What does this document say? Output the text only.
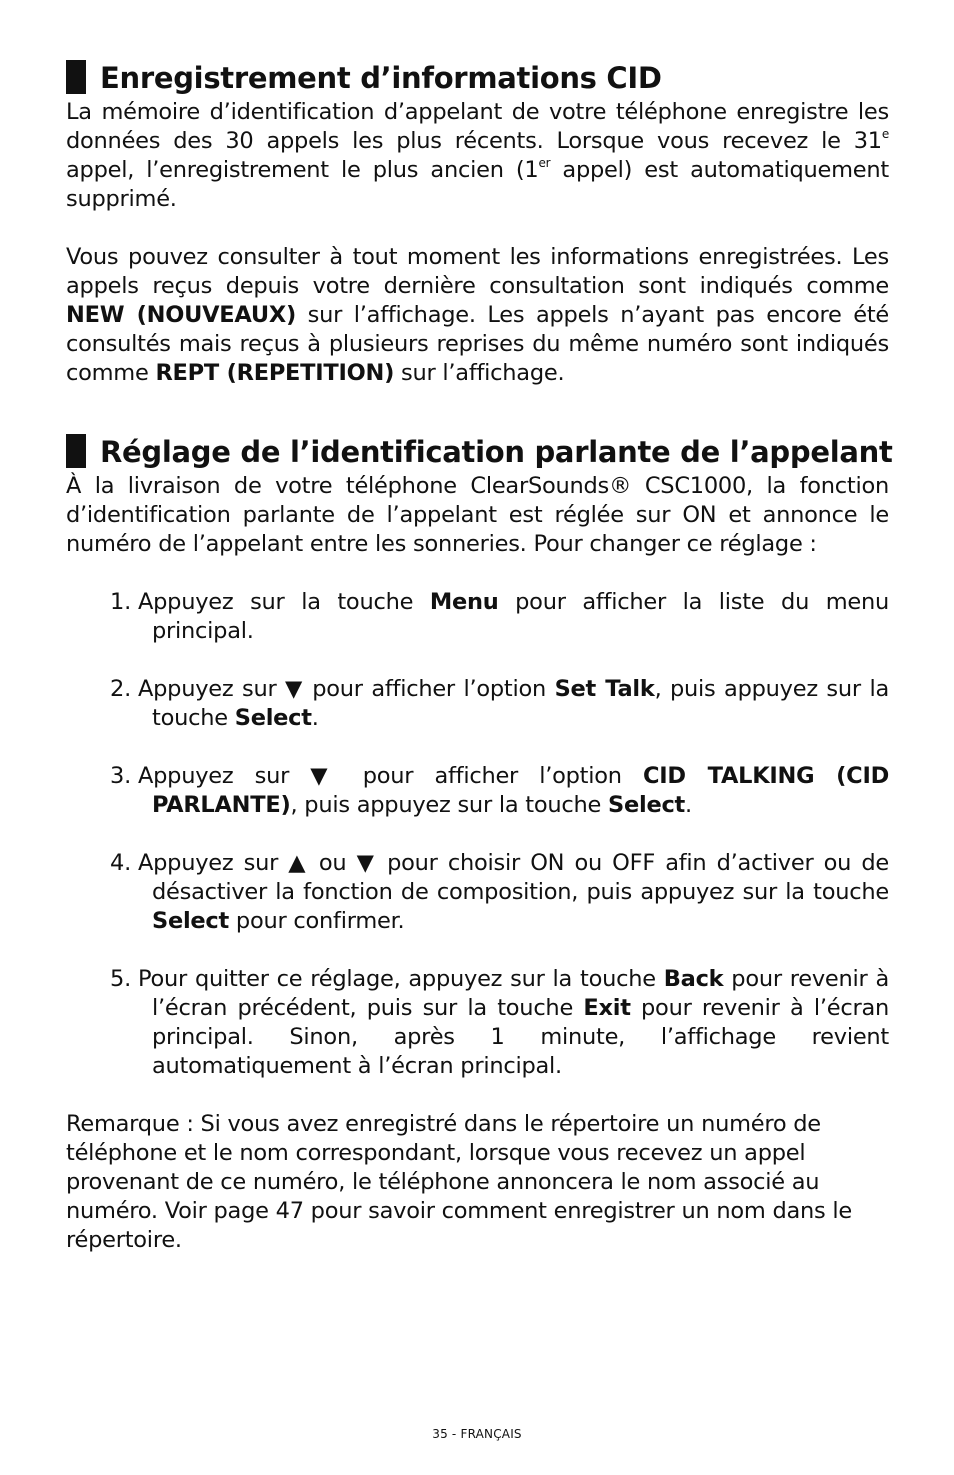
Enregistrement d’informations CID

La mémoire d’identification d’appelant de votre téléphone enregistre les données des 30 appels les plus récents. Lorsque vous recevez le 31e appel, l’enregistrement le plus ancien (1er appel) est automatiquement supprimé.

Vous pouvez consulter à tout moment les informations enregistrées. Les appels reçus depuis votre dernière consultation sont indiqués comme NEW (NOUVEAUX) sur l’affichage. Les appels n’ayant pas encore été consultés mais reçus à plusieurs reprises du même numéro sont indiqués comme REPT (REPETITION) sur l’affichage.

Réglage de l’identification parlante de l’appelant

À la livraison de votre téléphone ClearSounds® CSC1000, la fonction d’identification parlante de l’appelant est réglée sur ON et annonce le numéro de l’appelant entre les sonneries. Pour changer ce réglage :

1. Appuyez sur la touche Menu pour afficher la liste du menu principal.
2. Appuyez sur ▼ pour afficher l’option Set Talk, puis appuyez sur la touche Select.
3. Appuyez sur ▼ pour afficher l’option CID TALKING (CID PARLANTE), puis appuyez sur la touche Select.
4. Appuyez sur ▲ ou ▼ pour choisir ON ou OFF afin d’activer ou de désactiver la fonction de composition, puis appuyez sur la touche Select pour confirmer.
5. Pour quitter ce réglage, appuyez sur la touche Back pour revenir à l’écran précédent, puis sur la touche Exit pour revenir à l’écran principal. Sinon, après 1 minute, l’affichage revient automatiquement à l’écran principal.

Remarque : Si vous avez enregistré dans le répertoire un numéro de téléphone et le nom correspondant, lorsque vous recevez un appel provenant de ce numéro, le téléphone annoncera le nom associé au numéro. Voir page 47 pour savoir comment enregistrer un nom dans le répertoire.

35 - FRANÇAIS
